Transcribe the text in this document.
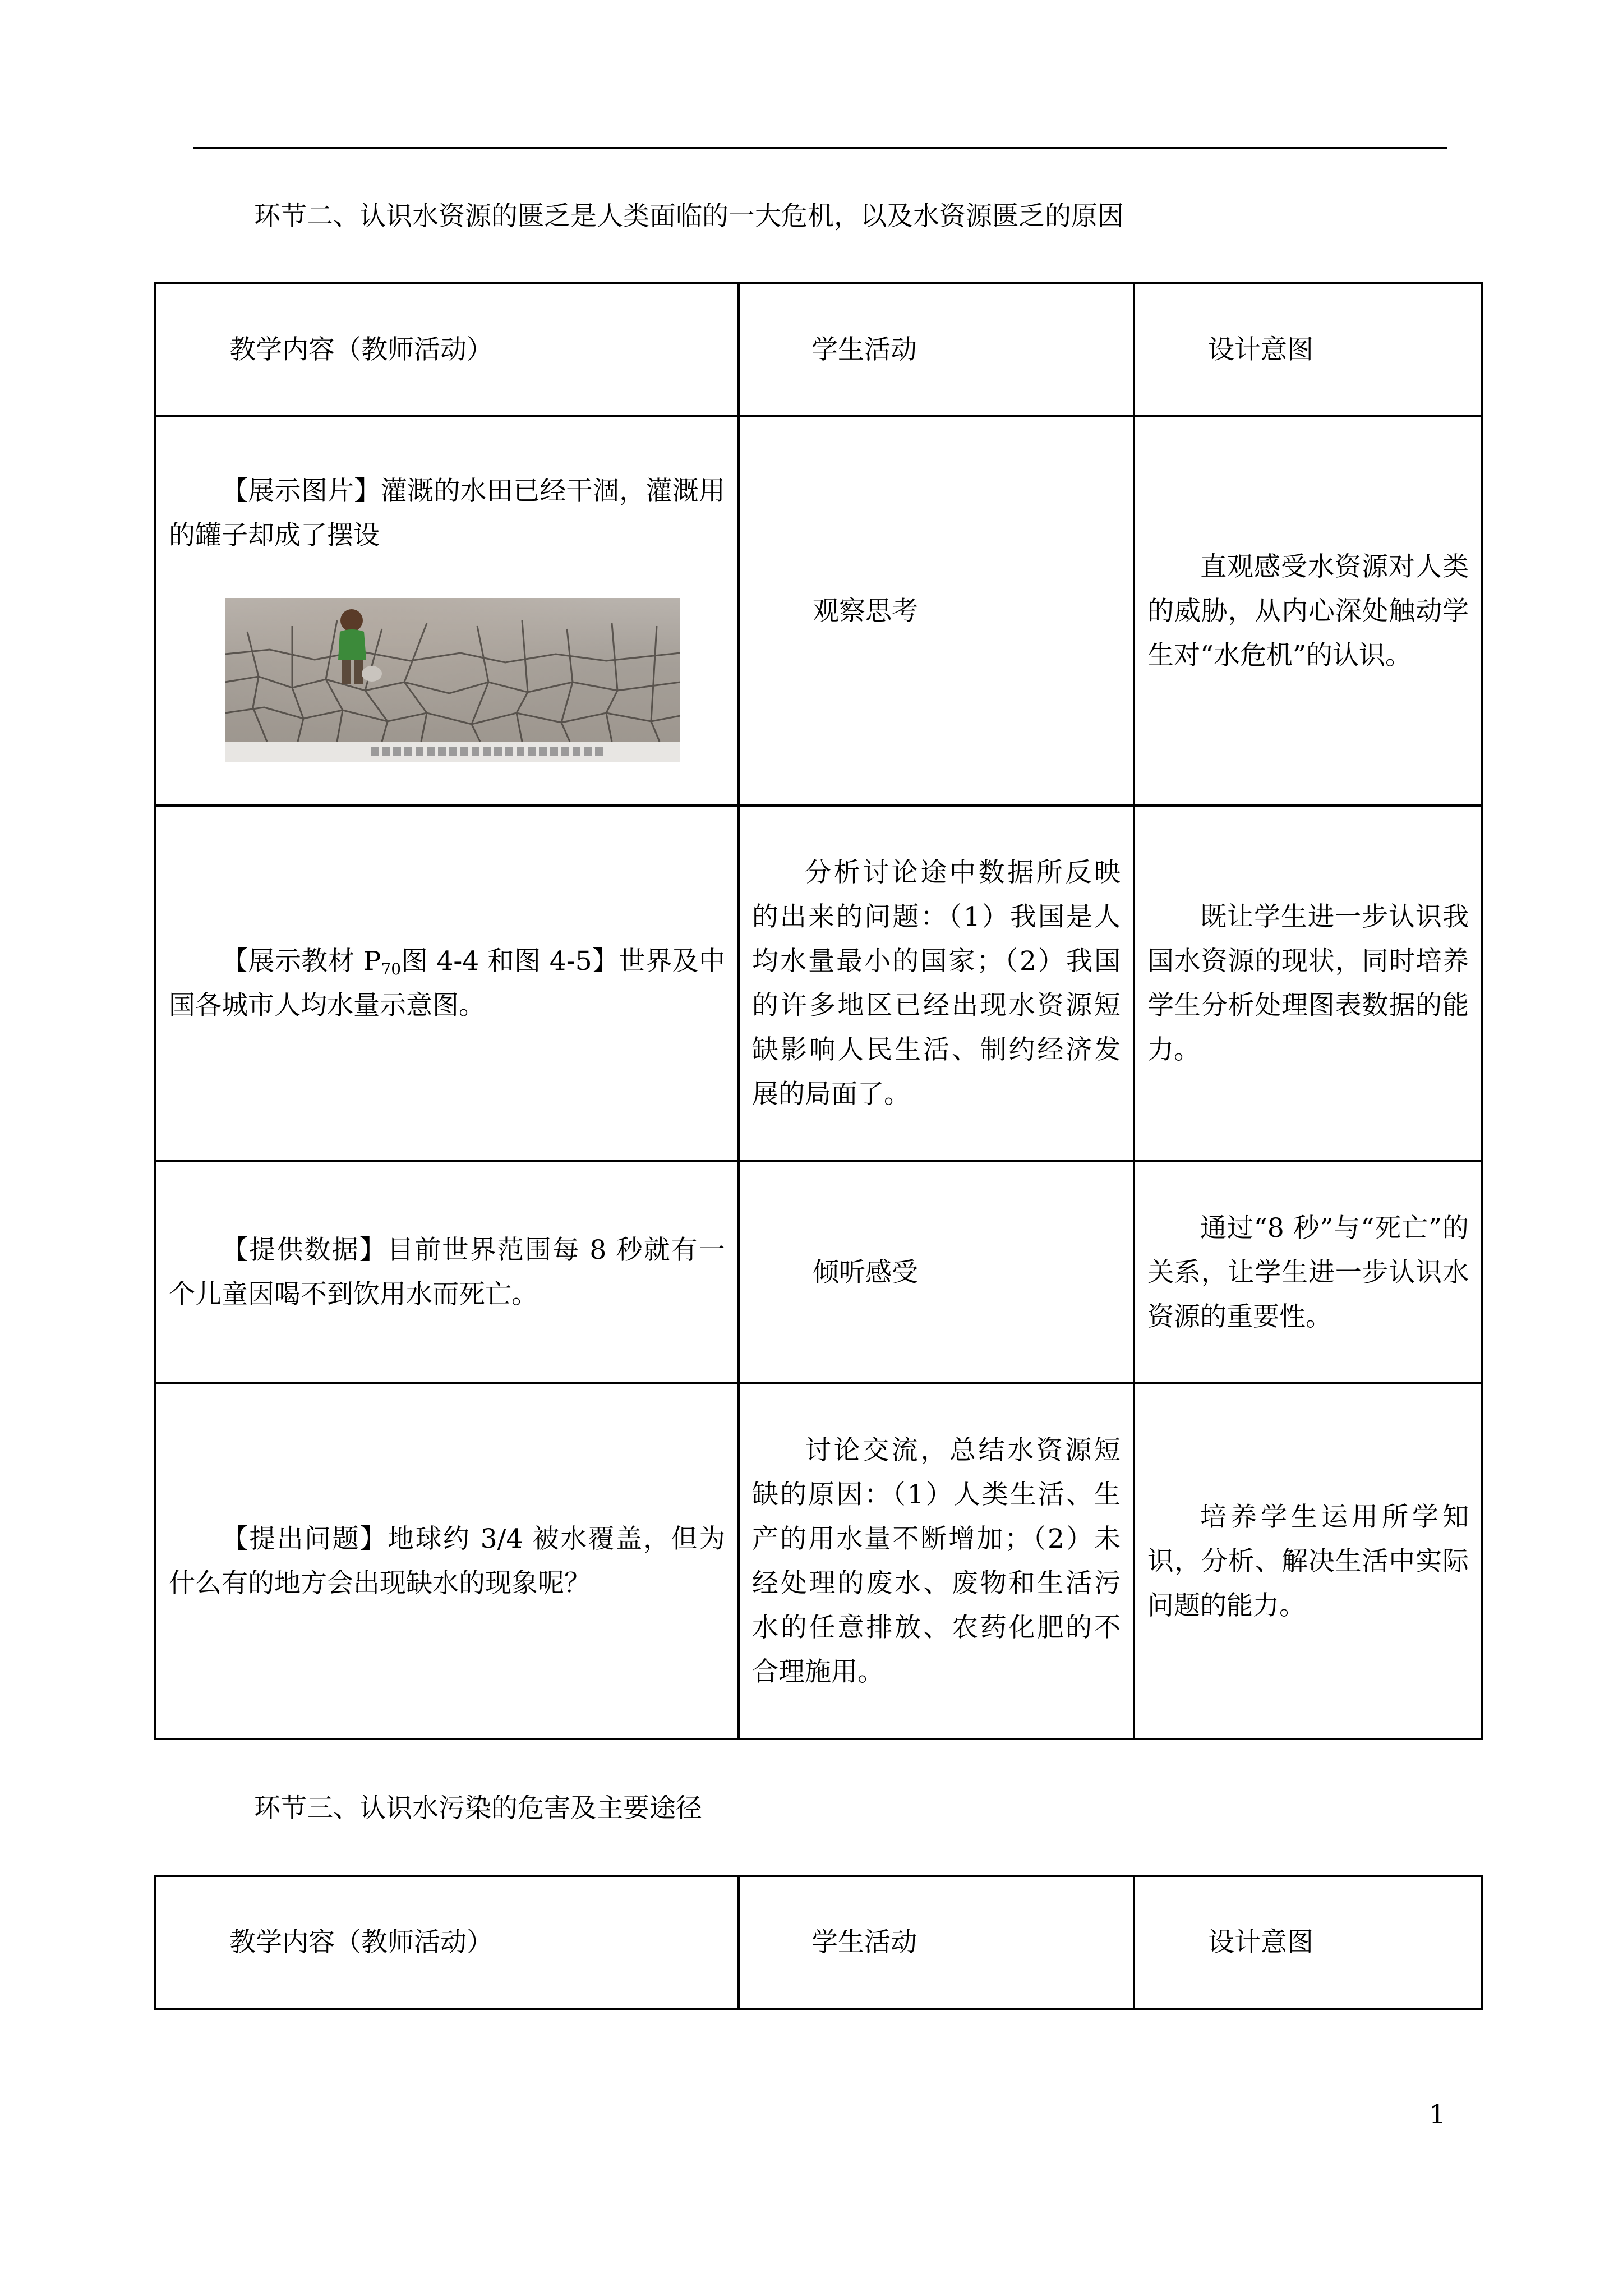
环节二、认识水资源的匮乏是人类面临的一大危机，以及水资源匮乏的原因
教学内容（教师活动）	学生活动	设计意图

【展示图片】灌溉的水田已经干涸，灌溉用的罐子却成了摆设	观察思考	直观感受水资源对人类的威胁，从内心深处触动学生对“水危机”的认识。

【展示教材 $P_{70}$图 4-4 和图 4-5】世界及中国各城市人均水量示意图。	分析讨论途中数据所反映的出来的问题：（1）我国是人均水量最小的国家；（2）我国的许多地区已经出现水资源短缺影响人民生活、制约经济发展的局面了。	既让学生进一步认识我国水资源的现状，同时培养学生分析处理图表数据的能力。

【提供数据】目前世界范围每 8 秒就有一个儿童因喝不到饮用水而死亡。	倾听感受	通过“8 秒”与“死亡”的关系，让学生进一步认识水资源的重要性。

【提出问题】地球约 3/4 被水覆盖，但为什么有的地方会出现缺水的现象呢？	讨论交流，总结水资源短缺的原因：（1）人类生活、生产的用水量不断增加；（2）未经处理的废水、废物和生活污水的任意排放、农药化肥的不合理施用。	培养学生运用所学知识，分析、解决生活中实际问题的能力。

环节三、认识水污染的危害及主要途径
教学内容（教师活动）	学生活动	设计意图
1
